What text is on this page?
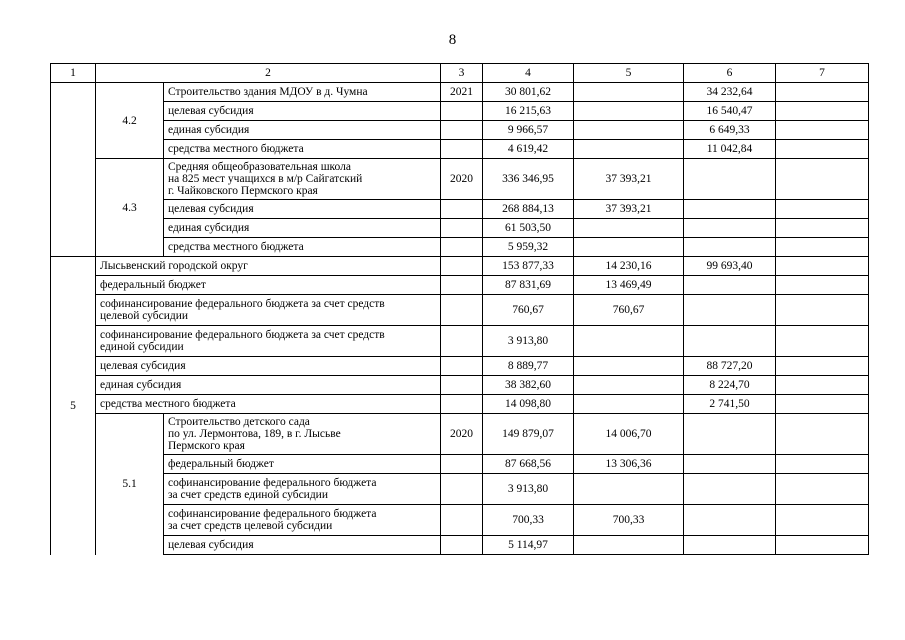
8
1	2		3	4	5	6	7
	4.2	Строительство здания МДОУ в д. Чумна	2021	30 801,62		34 232,64	
		целевая субсидия		16 215,63		16 540,47	
		единая субсидия		9 966,57		6 649,33	
		средства местного бюджета		4 619,42		11 042,84	
	4.3	Средняя общеобразовательная школа
на 825 мест учащихся в м/р Сайгатский
г. Чайковского Пермского края	2020	336 346,95	37 393,21		
		целевая субсидия		268 884,13	37 393,21		
		единая субсидия		61 503,50			
		средства местного бюджета		5 959,32			
5	Лысьвенский городской округ			153 877,33	14 230,16	99 693,40	
	федеральный бюджет			87 831,69	13 469,49		
	софинансирование федерального бюджета за счет средств
целевой субсидии			760,67	760,67		
	софинансирование федерального бюджета за счет средств
единой субсидии			3 913,80			
	целевая субсидия			8 889,77		88 727,20	
	единая субсидия			38 382,60		8 224,70	
	средства местного бюджета			14 098,80		2 741,50	
	5.1	Строительство детского сада
по ул. Лермонтова, 189, в г. Лысьве
Пермского края	2020	149 879,07	14 006,70		
		федеральный бюджет		87 668,56	13 306,36		
		софинансирование федерального бюджета
за счет средств единой субсидии		3 913,80			
		софинансирование федерального бюджета
за счет средств целевой субсидии		700,33	700,33		
		целевая субсидия		5 114,97			
